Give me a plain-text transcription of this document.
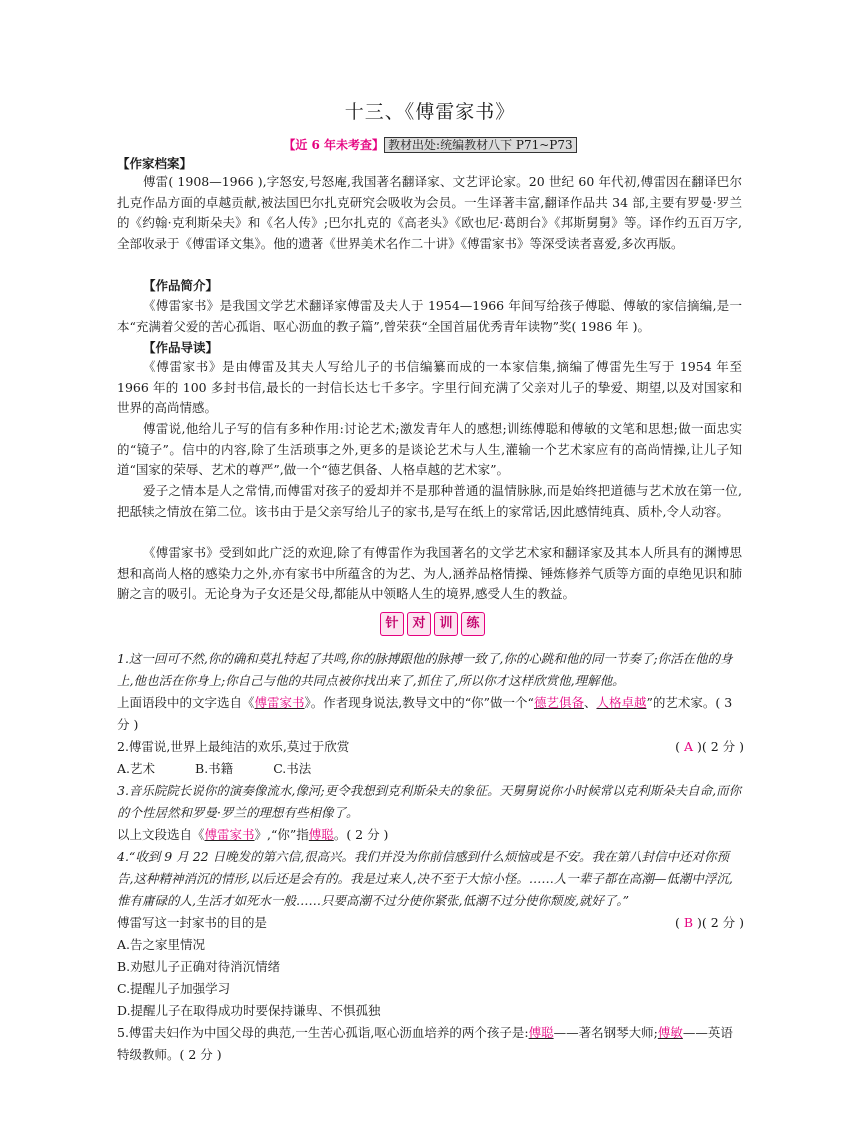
十三、《傅雷家书》
【近 6 年未考查】 教材出处:统编教材八下 P71~P73
【作家档案】

傅雷( 1908—1966 ),字怒安,号怒庵,我国著名翻译家、文艺评论家。20 世纪 60 年代初,傅雷因在翻译巴尔扎克作品方面的卓越贡献,被法国巴尔扎克研究会吸收为会员。一生译著丰富,翻译作品共 34 部,主要有罗曼·罗兰的《约翰·克利斯朵夫》和《名人传》;巴尔扎克的《高老头》《欧也尼·葛朗台》《邦斯舅舅》等。译作约五百万字,全部收录于《傅雷译文集》。他的遗著《世界美术名作二十讲》《傅雷家书》等深受读者喜爱,多次再版。

【作品简介】

《傅雷家书》是我国文学艺术翻译家傅雷及夫人于 1954—1966 年间写给孩子傅聪、傅敏的家信摘编,是一本“充满着父爱的苦心孤诣、呕心沥血的教子篇”,曾荣获“全国首届优秀青年读物”奖( 1986 年 )。

【作品导读】

《傅雷家书》是由傅雷及其夫人写给儿子的书信编纂而成的一本家信集,摘编了傅雷先生写于 1954 年至 1966 年的 100 多封书信,最长的一封信长达七千多字。字里行间充满了父亲对儿子的挚爱、期望,以及对国家和世界的高尚情感。

傅雷说,他给儿子写的信有多种作用:讨论艺术;激发青年人的感想;训练傅聪和傅敏的文笔和思想;做一面忠实的“镜子”。信中的内容,除了生活琐事之外,更多的是谈论艺术与人生,灌输一个艺术家应有的高尚情操,让儿子知道“国家的荣辱、艺术的尊严”,做一个“德艺俱备、人格卓越的艺术家”。

爱子之情本是人之常情,而傅雷对孩子的爱却并不是那种普通的温情脉脉,而是始终把道德与艺术放在第一位,把舐犊之情放在第二位。该书由于是父亲写给儿子的家书,是写在纸上的家常话,因此感情纯真、质朴,令人动容。

《傅雷家书》受到如此广泛的欢迎,除了有傅雷作为我国著名的文学艺术家和翻译家及其本人所具有的渊博思想和高尚人格的感染力之外,亦有家书中所蕴含的为艺、为人,涵养品格情操、锤炼修养气质等方面的卓绝见识和肺腑之言的吸引。无论身为子女还是父母,都能从中领略人生的境界,感受人生的教益。

针	对	训	练

1.这一回可不然,你的确和莫扎特起了共鸣,你的脉搏跟他的脉搏一致了,你的心跳和他的同一节奏了;你活在他的身上,他也活在你身上;你自己与他的共同点被你找出来了,抓住了,所以你才这样欣赏他,理解他。

上面语段中的文字选自《傅雷家书》。作者现身说法,教导文中的“你”做一个“德艺俱备、人格卓越”的艺术家。( 3 分 )

2.傅雷说,世界上最纯洁的欢乐,莫过于欣赏	( A )( 2 分 )

A.艺术	B.书籍	C.书法

3.音乐院院长说你的演奏像流水,像河;更令我想到克利斯朵夫的象征。天舅舅说你小时候常以克利斯朵夫自命,而你的个性居然和罗曼·罗兰的理想有些相像了。

以上文段选自《傅雷家书》,“你”指傅聪。( 2 分 )

4.“收到 9 月 22 日晚发的第六信,很高兴。我们并没为你前信感到什么烦恼或是不安。我在第八封信中还对你预告,这种精神消沉的情形,以后还是会有的。我是过来人,决不至于大惊小怪。……人一辈子都在高潮—低潮中浮沉,惟有庸碌的人,生活才如死水一般……只要高潮不过分使你紧张,低潮不过分使你颓废,就好了。”

傅雷写这一封家书的目的是	( B )( 2 分 )

A.告之家里情况

B.劝慰儿子正确对待消沉情绪

C.提醒儿子加强学习

D.提醒儿子在取得成功时要保持谦卑、不惧孤独

5.傅雷夫妇作为中国父母的典范,一生苦心孤诣,呕心沥血培养的两个孩子是:傅聪——著名钢琴大师;傅敏——英语特级教师。( 2 分 )
